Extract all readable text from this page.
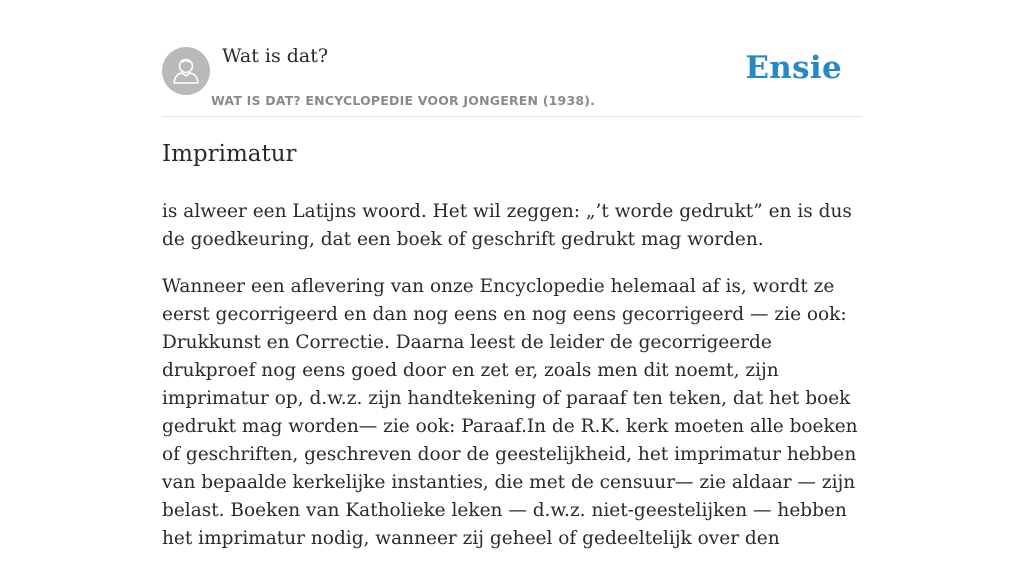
Wat is dat?
WAT IS DAT? ENCYCLOPEDIE VOOR JONGEREN (1938).
Ensie
Imprimatur

is alweer een Latijns woord. Het wil zeggen: „’t worde gedrukt” en is dus de goedkeuring, dat een boek of geschrift gedrukt mag worden.

Wanneer een aflevering van onze Encyclopedie helemaal af is, wordt ze eerst gecorrigeerd en dan nog eens en nog eens gecorrigeerd — zie ook: Drukkunst en Correctie. Daarna leest de leider de gecorrigeerde drukproef nog eens goed door en zet er, zoals men dit noemt, zijn imprimatur op, d.w.z. zijn handtekening of paraaf ten teken, dat het boek gedrukt mag worden— zie ook: Paraaf.In de R.K. kerk moeten alle boeken of geschriften, geschreven door de geestelijkheid, het imprimatur hebben van bepaalde kerkelijke instanties, die met de censuur— zie aldaar — zijn belast. Boeken van Katholieke leken — d.w.z. niet-geestelijken — hebben het imprimatur nodig, wanneer zij geheel of gedeeltelijk over den
